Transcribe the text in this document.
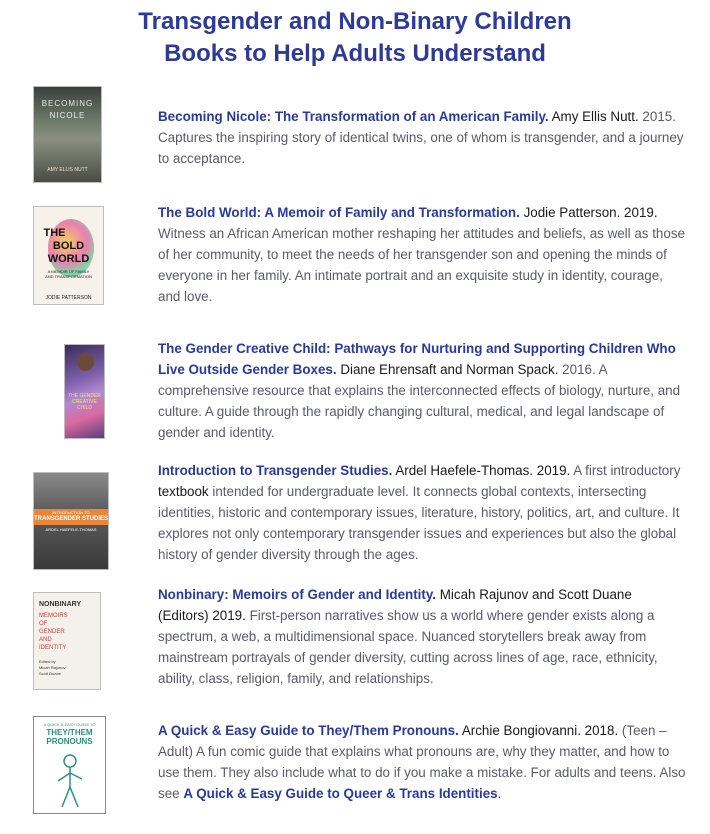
Transgender and Non-Binary Children
Books to Help Adults Understand
BECOMING
NICOLE
AMY ELLIS NUTT
Becoming Nicole: The Transformation of an American Family. Amy Ellis Nutt. 2015. Captures the inspiring story of identical twins, one of whom is transgender, and a journey to acceptance.
THE
BOLD
WORLD
A MEMOIR OF FAMILY AND TRANSFORMATION
JODIE PATTERSON
The Bold World: A Memoir of Family and Transformation. Jodie Patterson. 2019. Witness an African American mother reshaping her attitudes and beliefs, as well as those of her community, to meet the needs of her transgender son and opening the minds of everyone in her family. An intimate portrait and an exquisite study in identity, courage, and love.
THE GENDER CREATIVE CHILD
The Gender Creative Child: Pathways for Nurturing and Supporting Children Who Live Outside Gender Boxes. Diane Ehrensaft and Norman Spack. 2016. A comprehensive resource that explains the interconnected effects of biology, nurture, and culture. A guide through the rapidly changing cultural, medical, and legal landscape of gender and identity.
INTRODUCTION TO
TRANSGENDER STUDIES
ARDEL HAEFELE-THOMAS
Introduction to Transgender Studies. Ardel Haefele-Thomas. 2019. A first introductory textbook intended for undergraduate level. It connects global contexts, intersecting identities, historic and contemporary issues, literature, history, politics, art, and culture. It explores not only contemporary transgender issues and experiences but also the global history of gender diversity through the ages.
NONBINARY
MEMOIRS
OF
GENDER
AND
IDENTITY
Edited by
Micah Rajunov
Scott Duane
Nonbinary: Memoirs of Gender and Identity. Micah Rajunov and Scott Duane (Editors) 2019. First-person narratives show us a world where gender exists along a spectrum, a web, a multidimensional space. Nuanced storytellers break away from mainstream portrayals of gender diversity, cutting across lines of age, race, ethnicity, ability, class, religion, family, and relationships.
A QUICK & EASY GUIDE TO
THEY/THEM
PRONOUNS
A Quick & Easy Guide to They/Them Pronouns. Archie Bongiovanni. 2018. (Teen – Adult) A fun comic guide that explains what pronouns are, why they matter, and how to use them. They also include what to do if you make a mistake. For adults and teens. Also see A Quick & Easy Guide to Queer & Trans Identities.
